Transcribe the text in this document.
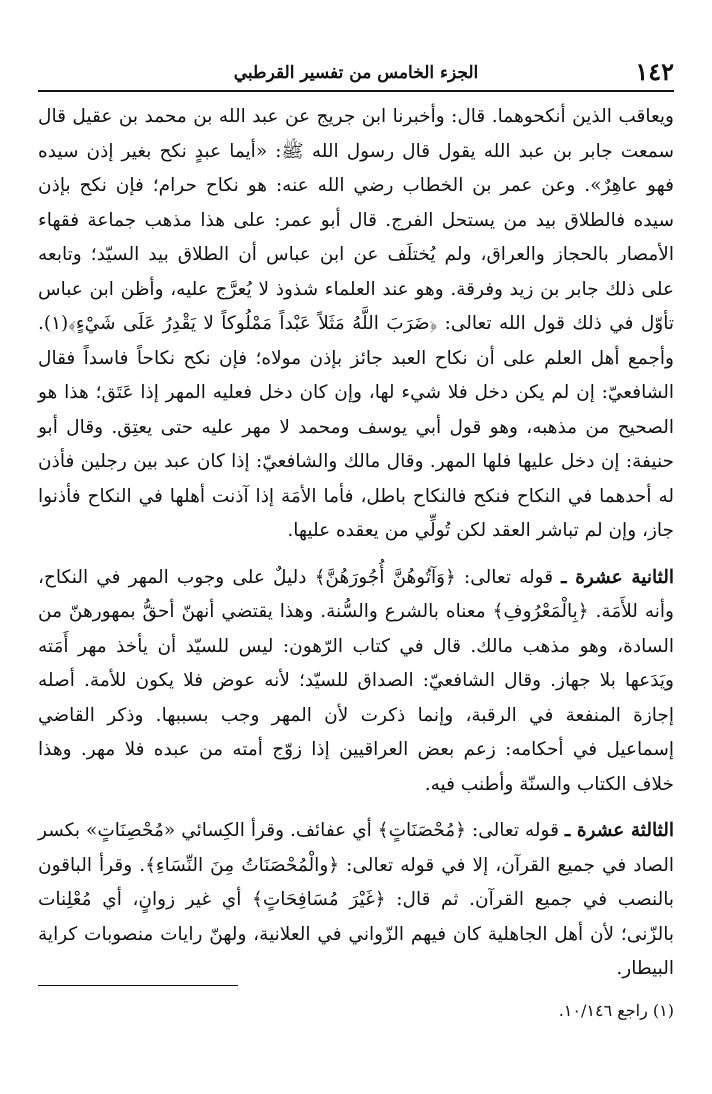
١٤٢
الجزء الخامس من تفسير القرطبي

ويعاقب الذين أنكحوهما. قال: وأخبرنا ابن جريج عن عبد الله بن محمد بن عقيل قال سمعت جابر بن عبد الله يقول قال رسول الله ﷺ: «أيما عبدٍ نكح بغير إذن سيده فهو عاهِرٌ». وعن عمر بن الخطاب رضي الله عنه: هو نكاح حرام؛ فإن نكح بإذن سيده فالطلاق بيد من يستحل الفرج. قال أبو عمر: على هذا مذهب جماعة فقهاء الأمصار بالحجاز والعراق، ولم يُختلَف عن ابن عباس أن الطلاق بيد السيّد؛ وتابعه على ذلك جابر بن زيد وفرقة. وهو عند العلماء شذوذ لا يُعرَّج عليه، وأظن ابن عباس تأوّل في ذلك قول الله تعالى: ﴿ضَرَبَ اللَّهُ مَثَلاً عَبْداً مَمْلُوكاً لا يَقْدِرُ عَلَى شَيْءٍ﴾(١). وأجمع أهل العلم على أن نكاح العبد جائز بإذن مولاه؛ فإن نكح نكاحاً فاسداً فقال الشافعيّ: إن لم يكن دخل فلا شيء لها، وإن كان دخل فعليه المهر إذا عَتَق؛ هذا هو الصحيح من مذهبه، وهو قول أبي يوسف ومحمد لا مهر عليه حتى يعتِق. وقال أبو حنيفة: إن دخل عليها فلها المهر. وقال مالك والشافعيّ: إذا كان عبد بين رجلين فأذن له أحدهما في النكاح فنكح فالنكاح باطل، فأما الأمَة إذا آذنت أهلها في النكاح فأذنوا جاز، وإن لم تباشر العقد لكن تُولِّي من يعقده عليها.

الثانية عشرة ـ قوله تعالى: ﴿وَآتُوهُنَّ أُجُورَهُنَّ﴾ دليلٌ على وجوب المهر في النكاح، وأنه للأَمَة. ﴿بِالْمَعْرُوفِ﴾ معناه بالشرع والسُّنة. وهذا يقتضي أنهنّ أحقُّ بمهورهنّ من السادة، وهو مذهب مالك. قال في كتاب الرّهون: ليس للسيّد أن يأخذ مهر أَمَته ويَدَعها بلا جهاز. وقال الشافعيّ: الصداق للسيّد؛ لأنه عوض فلا يكون للأمة. أصله إجازة المنفعة في الرقبة، وإنما ذكرت لأن المهر وجب بسببها. وذكر القاضي إسماعيل في أحكامه: زعم بعض العراقيين إذا زوّج أمته من عبده فلا مهر. وهذا خلاف الكتاب والسنّة وأطنب فيه.

الثالثة عشرة ـ قوله تعالى: ﴿مُحْصَنَاتٍ﴾ أي عفائف. وقرأ الكِسائي «مُحْصِنَاتٍ» بكسر الصاد في جميع القرآن، إلا في قوله تعالى: ﴿والْمُحْصَنَاتُ مِنَ النِّسَاءِ﴾. وقرأ الباقون بالنصب في جميع القرآن. ثم قال: ﴿غَيْرَ مُسَافِحَاتٍ﴾ أي غير زوانٍ، أي مُعْلِنات بالزّنى؛ لأن أهل الجاهلية كان فيهم الزّواني في العلانية، ولهنّ رايات منصوبات كراية البيطار.

(١) راجع ١٠/١٤٦.
